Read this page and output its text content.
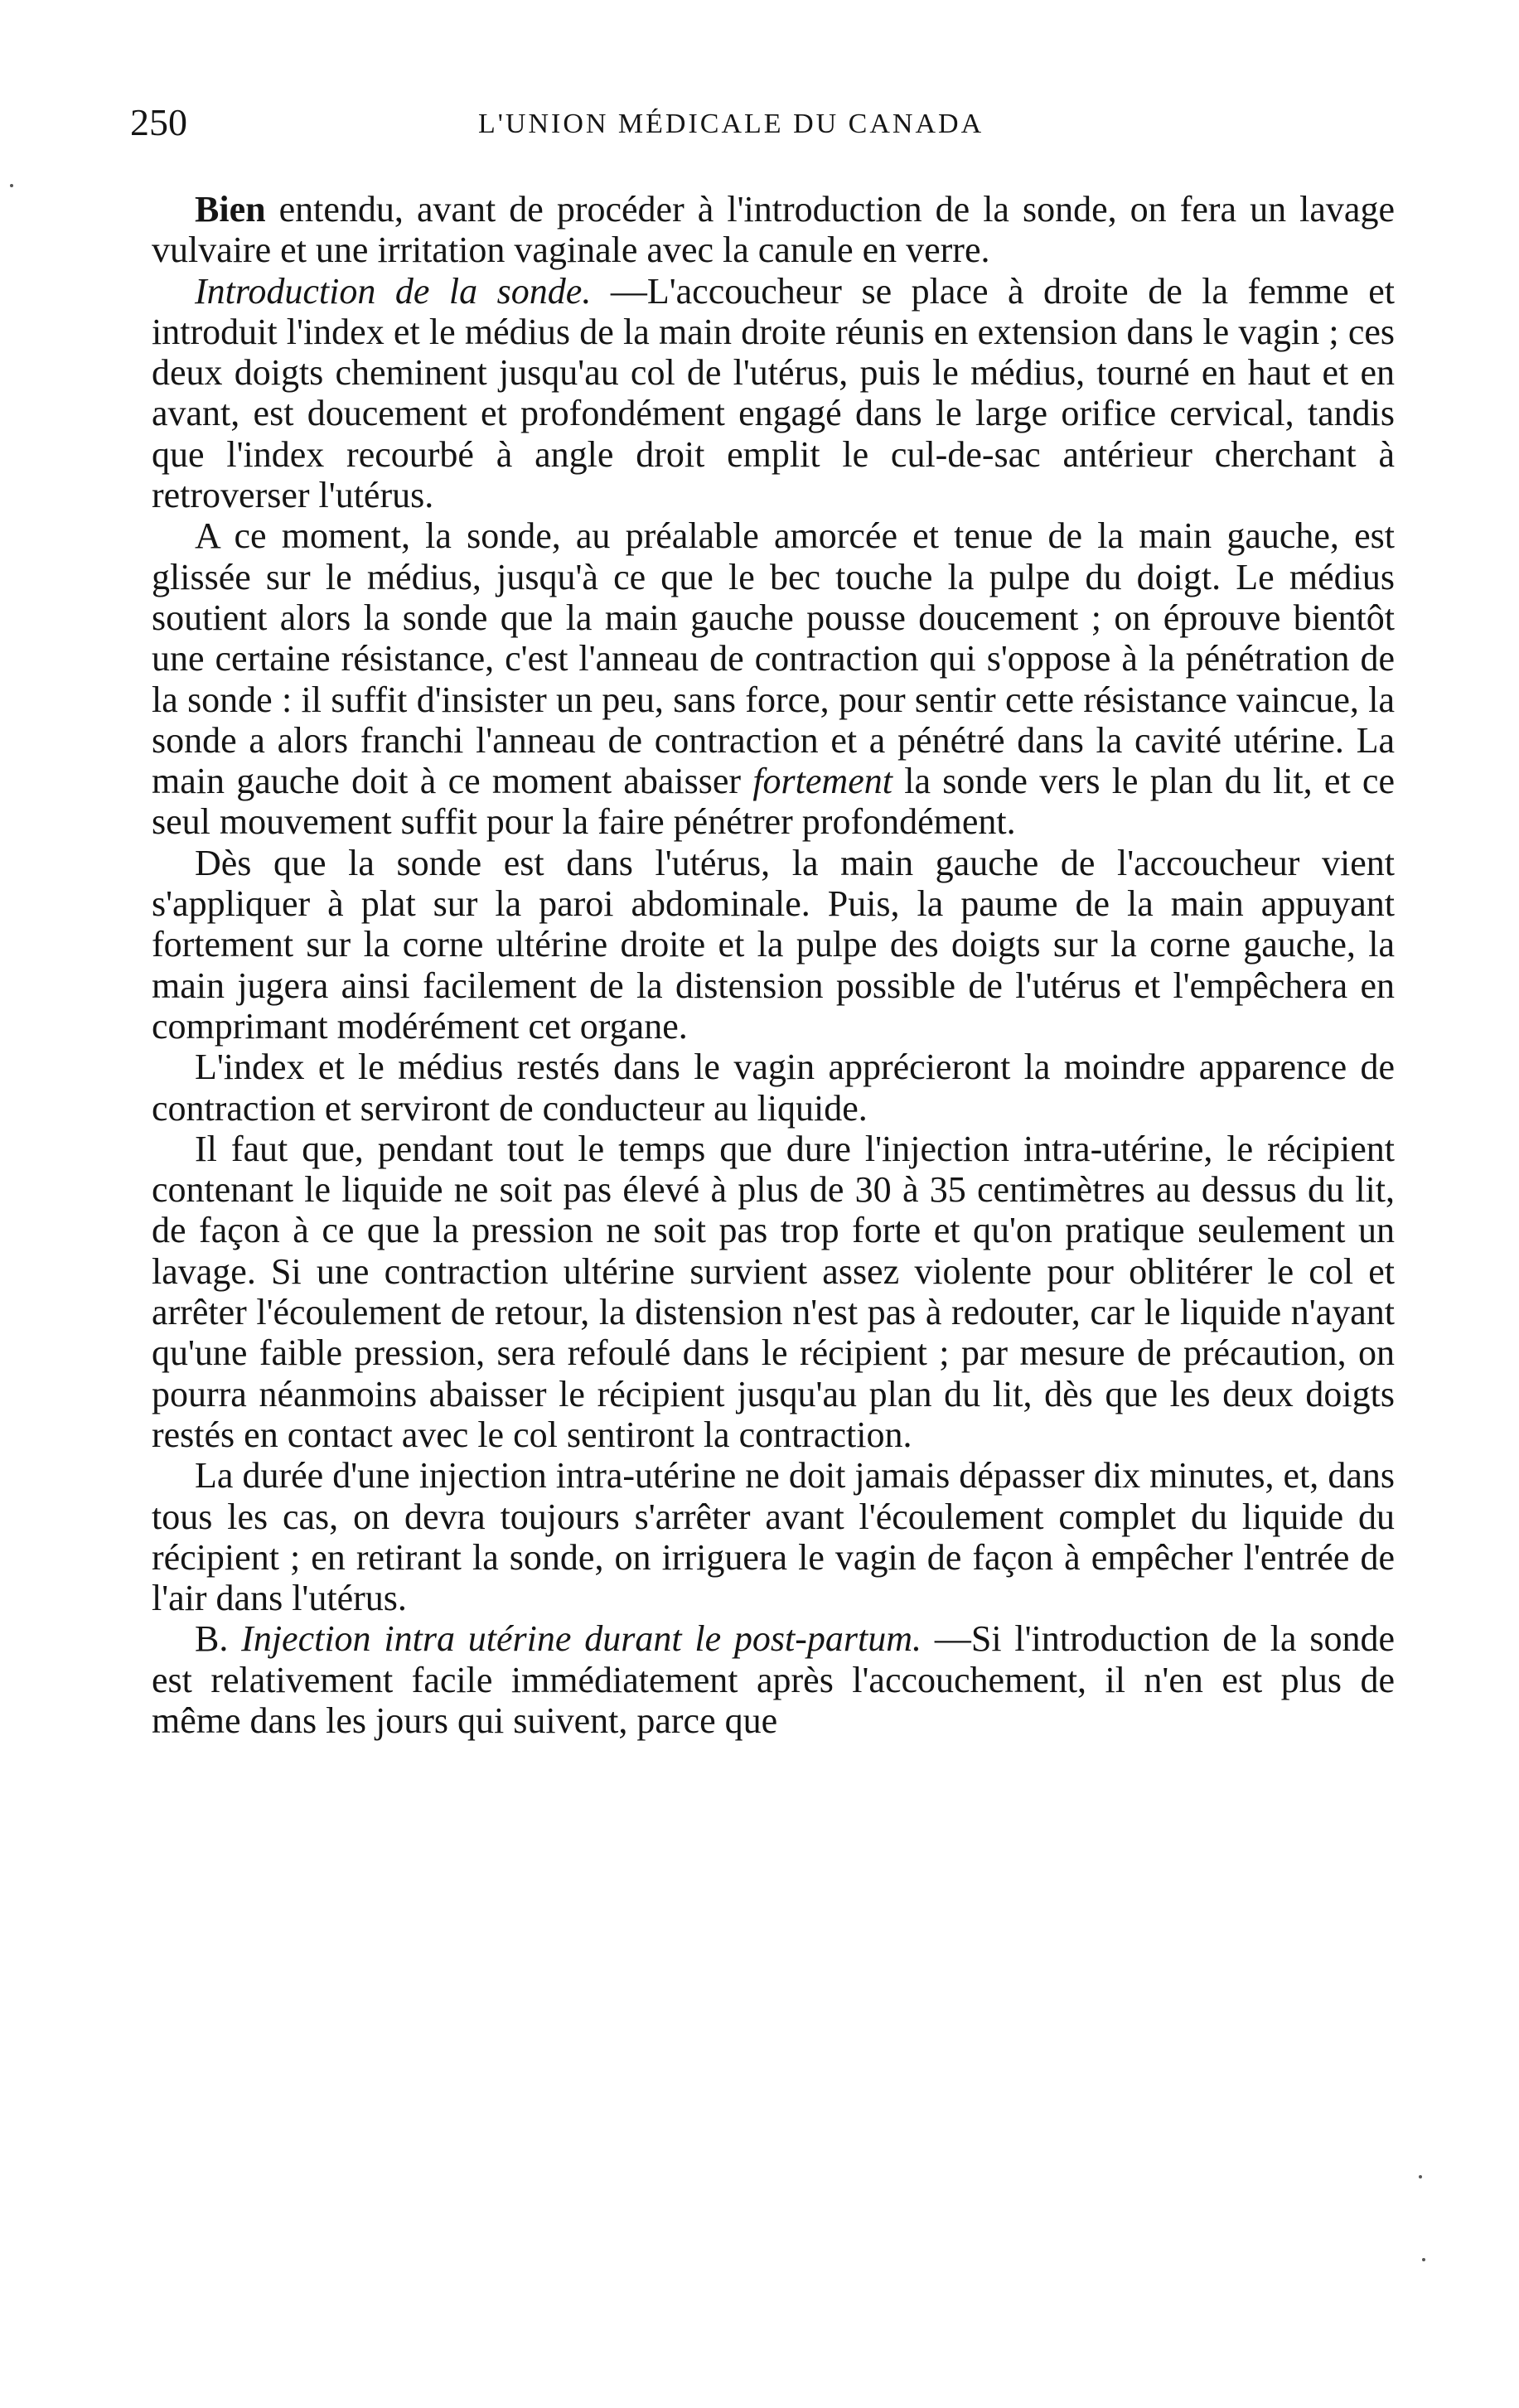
250	L'UNION MÉDICALE DU CANADA

Bien entendu, avant de procéder à l'introduction de la sonde, on fera un lavage vulvaire et une irritation vaginale avec la canule en verre.

Introduction de la sonde. —L'accoucheur se place à droite de la femme et introduit l'index et le médius de la main droite réunis en extension dans le vagin ; ces deux doigts cheminent jusqu'au col de l'utérus, puis le médius, tourné en haut et en avant, est doucement et profondément engagé dans le large orifice cervical, tandis que l'index recourbé à angle droit emplit le cul-de-sac antérieur cherchant à retroverser l'utérus.

A ce moment, la sonde, au préalable amorcée et tenue de la main gauche, est glissée sur le médius, jusqu'à ce que le bec touche la pulpe du doigt. Le médius soutient alors la sonde que la main gauche pousse doucement ; on éprouve bientôt une certaine résistance, c'est l'anneau de contraction qui s'oppose à la pénétration de la sonde : il suffit d'insister un peu, sans force, pour sentir cette résistance vaincue, la sonde a alors franchi l'anneau de contraction et a pénétré dans la cavité utérine. La main gauche doit à ce moment abaisser fortement la sonde vers le plan du lit, et ce seul mouvement suffit pour la faire pénétrer profondément.

Dès que la sonde est dans l'utérus, la main gauche de l'accoucheur vient s'appliquer à plat sur la paroi abdominale. Puis, la paume de la main appuyant fortement sur la corne ultérine droite et la pulpe des doigts sur la corne gauche, la main jugera ainsi facilement de la distension possible de l'utérus et l'empêchera en comprimant modérément cet organe.

L'index et le médius restés dans le vagin apprécieront la moindre apparence de contraction et serviront de conducteur au liquide.

Il faut que, pendant tout le temps que dure l'injection intra-utérine, le récipient contenant le liquide ne soit pas élevé à plus de 30 à 35 centimètres au dessus du lit, de façon à ce que la pression ne soit pas trop forte et qu'on pratique seulement un lavage. Si une contraction ultérine survient assez violente pour oblitérer le col et arrêter l'écoulement de retour, la distension n'est pas à redouter, car le liquide n'ayant qu'une faible pression, sera refoulé dans le récipient ; par mesure de précaution, on pourra néanmoins abaisser le récipient jusqu'au plan du lit, dès que les deux doigts restés en contact avec le col sentiront la contraction.

La durée d'une injection intra-utérine ne doit jamais dépasser dix minutes, et, dans tous les cas, on devra toujours s'arrêter avant l'écoulement complet du liquide du récipient ; en retirant la sonde, on irriguera le vagin de façon à empêcher l'entrée de l'air dans l'utérus.

B. Injection intra utérine durant le post-partum. —Si l'introduction de la sonde est relativement facile immédiatement après l'accouchement, il n'en est plus de même dans les jours qui suivent, parce que
